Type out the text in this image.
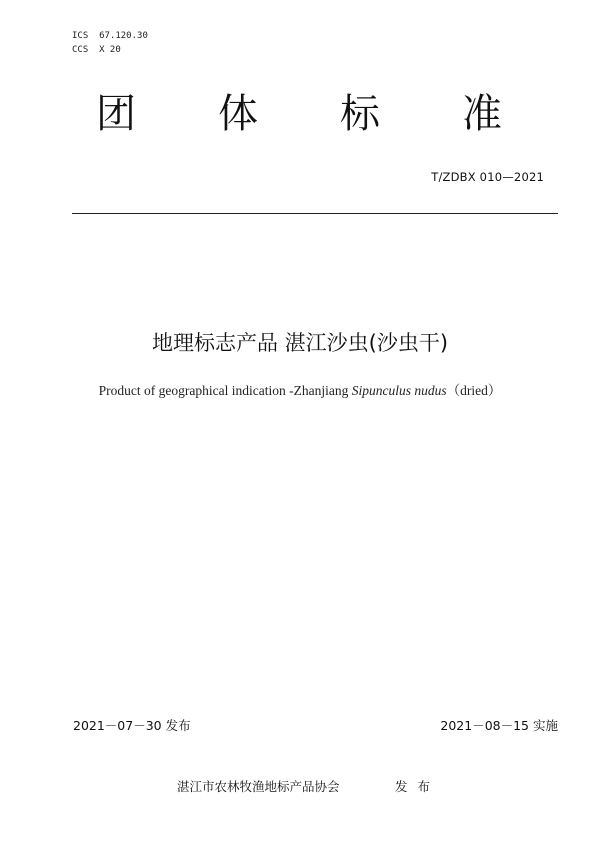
ICS  67.120.30
CCS  X 20
团 体 标 准
T/ZDBX 010—2021
地理标志产品 湛江沙虫(沙虫干)
Product of geographical indication -Zhanjiang Sipunculus nudus（dried）
2021－07－30 发布	2021－08－15 实施
湛江市农林牧渔地标产品协会	发布
